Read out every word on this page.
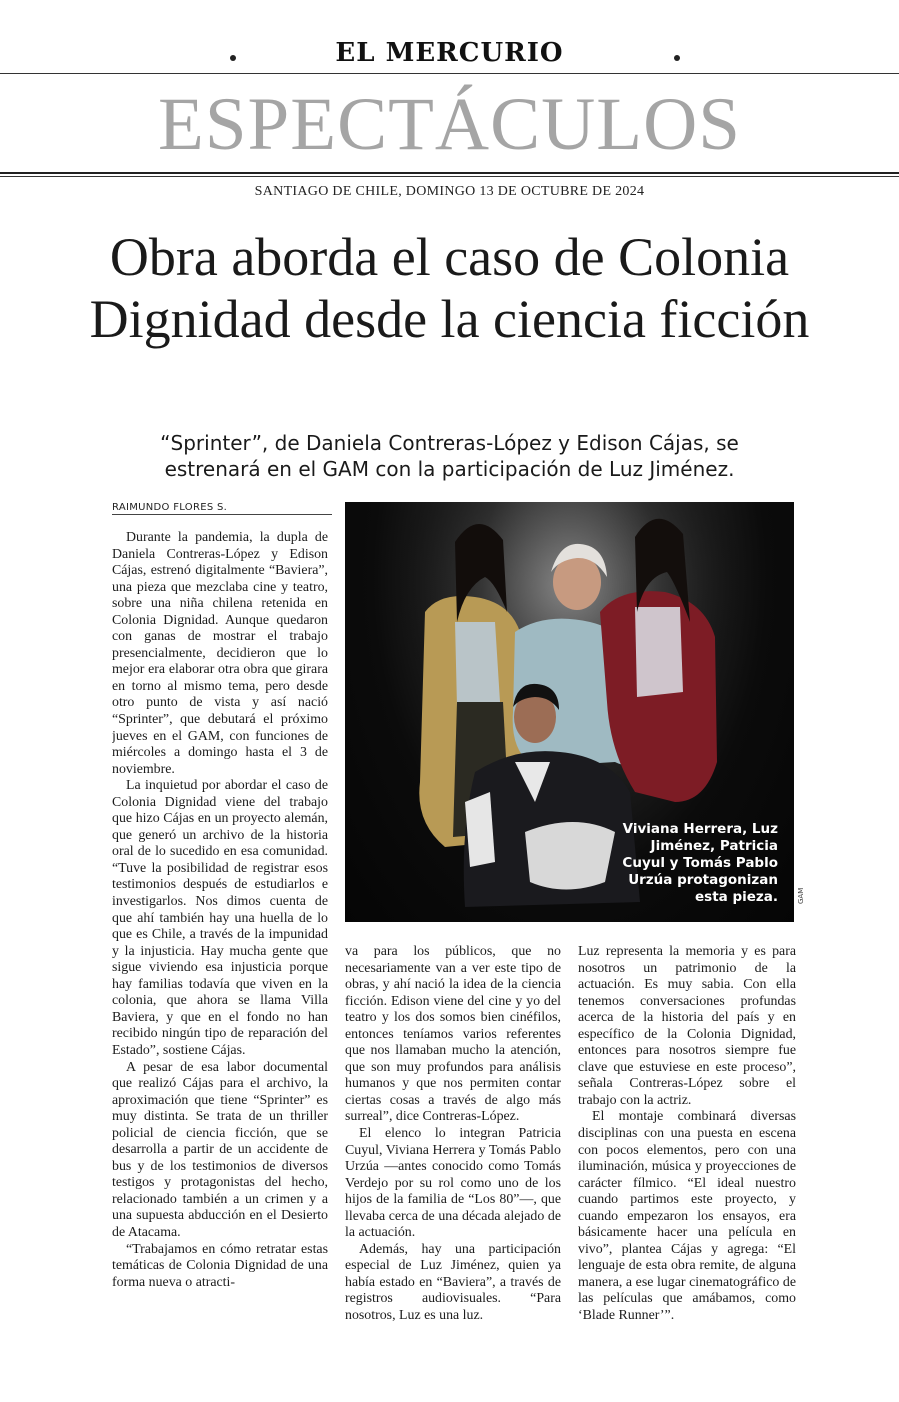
EL MERCURIO
ESPECTÁCULOS
SANTIAGO DE CHILE, DOMINGO 13 DE OCTUBRE DE 2024
Obra aborda el caso de Colonia Dignidad desde la ciencia ficción
“Sprinter”, de Daniela Contreras-López y Edison Cájas, se estrenará en el GAM con la participación de Luz Jiménez.
RAIMUNDO FLORES S.

Durante la pandemia, la dupla de Daniela Contreras-López y Edison Cájas, estrenó digitalmente “Baviera”, una pieza que mezclaba cine y teatro, sobre una niña chilena retenida en Colonia Dignidad. Aunque quedaron con ganas de mostrar el trabajo presencialmente, decidieron que lo mejor era elaborar otra obra que girara en torno al mismo tema, pero desde otro punto de vista y así nació “Sprinter”, que debutará el próximo jueves en el GAM, con funciones de miércoles a domingo hasta el 3 de noviembre.

La inquietud por abordar el caso de Colonia Dignidad viene del trabajo que hizo Cájas en un proyecto alemán, que generó un archivo de la historia oral de lo sucedido en esa comunidad. “Tuve la posibilidad de registrar esos testimonios después de estudiarlos e investigarlos. Nos dimos cuenta de que ahí también hay una huella de lo que es Chile, a través de la impunidad y la injusticia. Hay mucha gente que sigue viviendo esa injusticia porque hay familias todavía que viven en la colonia, que ahora se llama Villa Baviera, y que en el fondo no han recibido ningún tipo de reparación del Estado”, sostiene Cájas.

A pesar de esa labor documental que realizó Cájas para el archivo, la aproximación que tiene “Sprinter” es muy distinta. Se trata de un thriller policial de ciencia ficción, que se desarrolla a partir de un accidente de bus y de los testimonios de diversos testigos y protagonistas del hecho, relacionado también a un crimen y a una supuesta abducción en el Desierto de Atacama.

“Trabajamos en cómo retratar estas temáticas de Colonia Dignidad de una forma nueva o atracti-

Viviana Herrera, Luz Jiménez, Patricia Cuyul y Tomás Pablo Urzúa protagonizan esta pieza.	GAM

va para los públicos, que no necesariamente van a ver este tipo de obras, y ahí nació la idea de la ciencia ficción. Edison viene del cine y yo del teatro y los dos somos bien cinéfilos, entonces teníamos varios referentes que nos llamaban mucho la atención, que son muy profundos para análisis humanos y que nos permiten contar ciertas cosas a través de algo más surreal”, dice Contreras-López.

El elenco lo integran Patricia Cuyul, Viviana Herrera y Tomás Pablo Urzúa —antes conocido como Tomás Verdejo por su rol como uno de los hijos de la familia de “Los 80”—, que llevaba cerca de una década alejado de la actuación.

Además, hay una participación especial de Luz Jiménez, quien ya había estado en “Baviera”, a través de registros audiovisuales. “Para nosotros, Luz es una luz.

Luz representa la memoria y es para nosotros un patrimonio de la actuación. Es muy sabia. Con ella tenemos conversaciones profundas acerca de la historia del país y en específico de la Colonia Dignidad, entonces para nosotros siempre fue clave que estuviese en este proceso”, señala Contreras-López sobre el trabajo con la actriz.

El montaje combinará diversas disciplinas con una puesta en escena con pocos elementos, pero con una iluminación, música y proyecciones de carácter fílmico. “El ideal nuestro cuando partimos este proyecto, y cuando empezaron los ensayos, era básicamente hacer una película en vivo”, plantea Cájas y agrega: “El lenguaje de esta obra remite, de alguna manera, a ese lugar cinematográfico de las películas que amábamos, como ‘Blade Runner’”.
